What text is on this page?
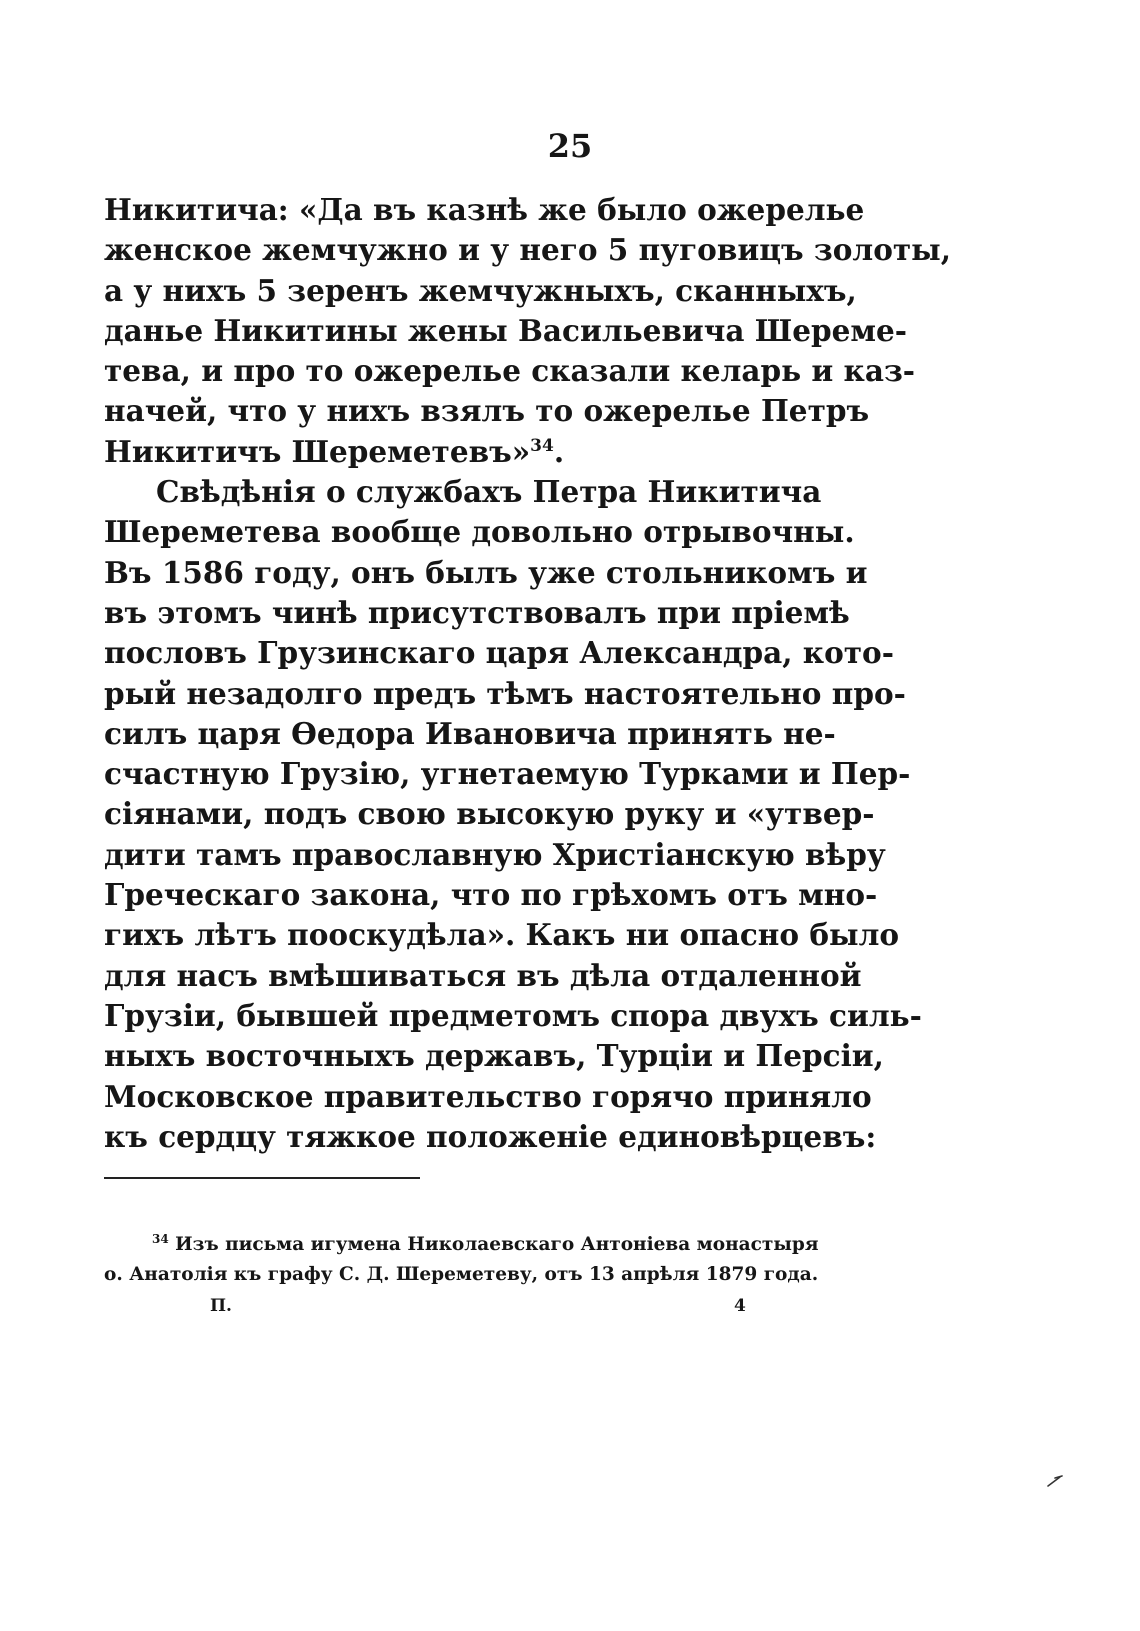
25
Никитича: «Да въ казнѣ же было ожерелье
женское жемчужно и у него 5 пуговицъ золоты,
а у нихъ 5 зеренъ жемчужныхъ, сканныхъ,
данье Никитины жены Васильевича Шереме-
тева, и про то ожерелье сказали келарь и каз-
начей, что у нихъ взялъ то ожерелье Петръ
Никитичъ Шереметевъ»$^{34}$.
Свѣдѣнія о службахъ Петра Никитича
Шереметева вообще довольно отрывочны.
Въ 1586 году, онъ былъ уже стольникомъ и
въ этомъ чинѣ присутствовалъ при пріемѣ
пословъ Грузинскаго царя Александра, кото-
рый незадолго предъ тѣмъ настоятельно про-
силъ царя Ѳедора Ивановича принять не-
счастную Грузію, угнетаемую Турками и Пер-
сіянами, подъ свою высокую руку и «утвер-
дити тамъ православную Христіанскую вѣру
Греческаго закона, что по грѣхомъ отъ мно-
гихъ лѣтъ пооскудѣла». Какъ ни опасно было
для насъ вмѣшиваться въ дѣла отдаленной
Грузіи, бывшей предметомъ спора двухъ силь-
ныхъ восточныхъ державъ, Турціи и Персіи,
Московское правительство горячо приняло
къ сердцу тяжкое положеніе единовѣрцевъ:
$^{34}$ Изъ письма игумена Николаевскаго Антоніева монастыря
о. Анатолія къ графу С. Д. Шереметеву, отъ 13 апрѣля 1879 года.
П.	4
